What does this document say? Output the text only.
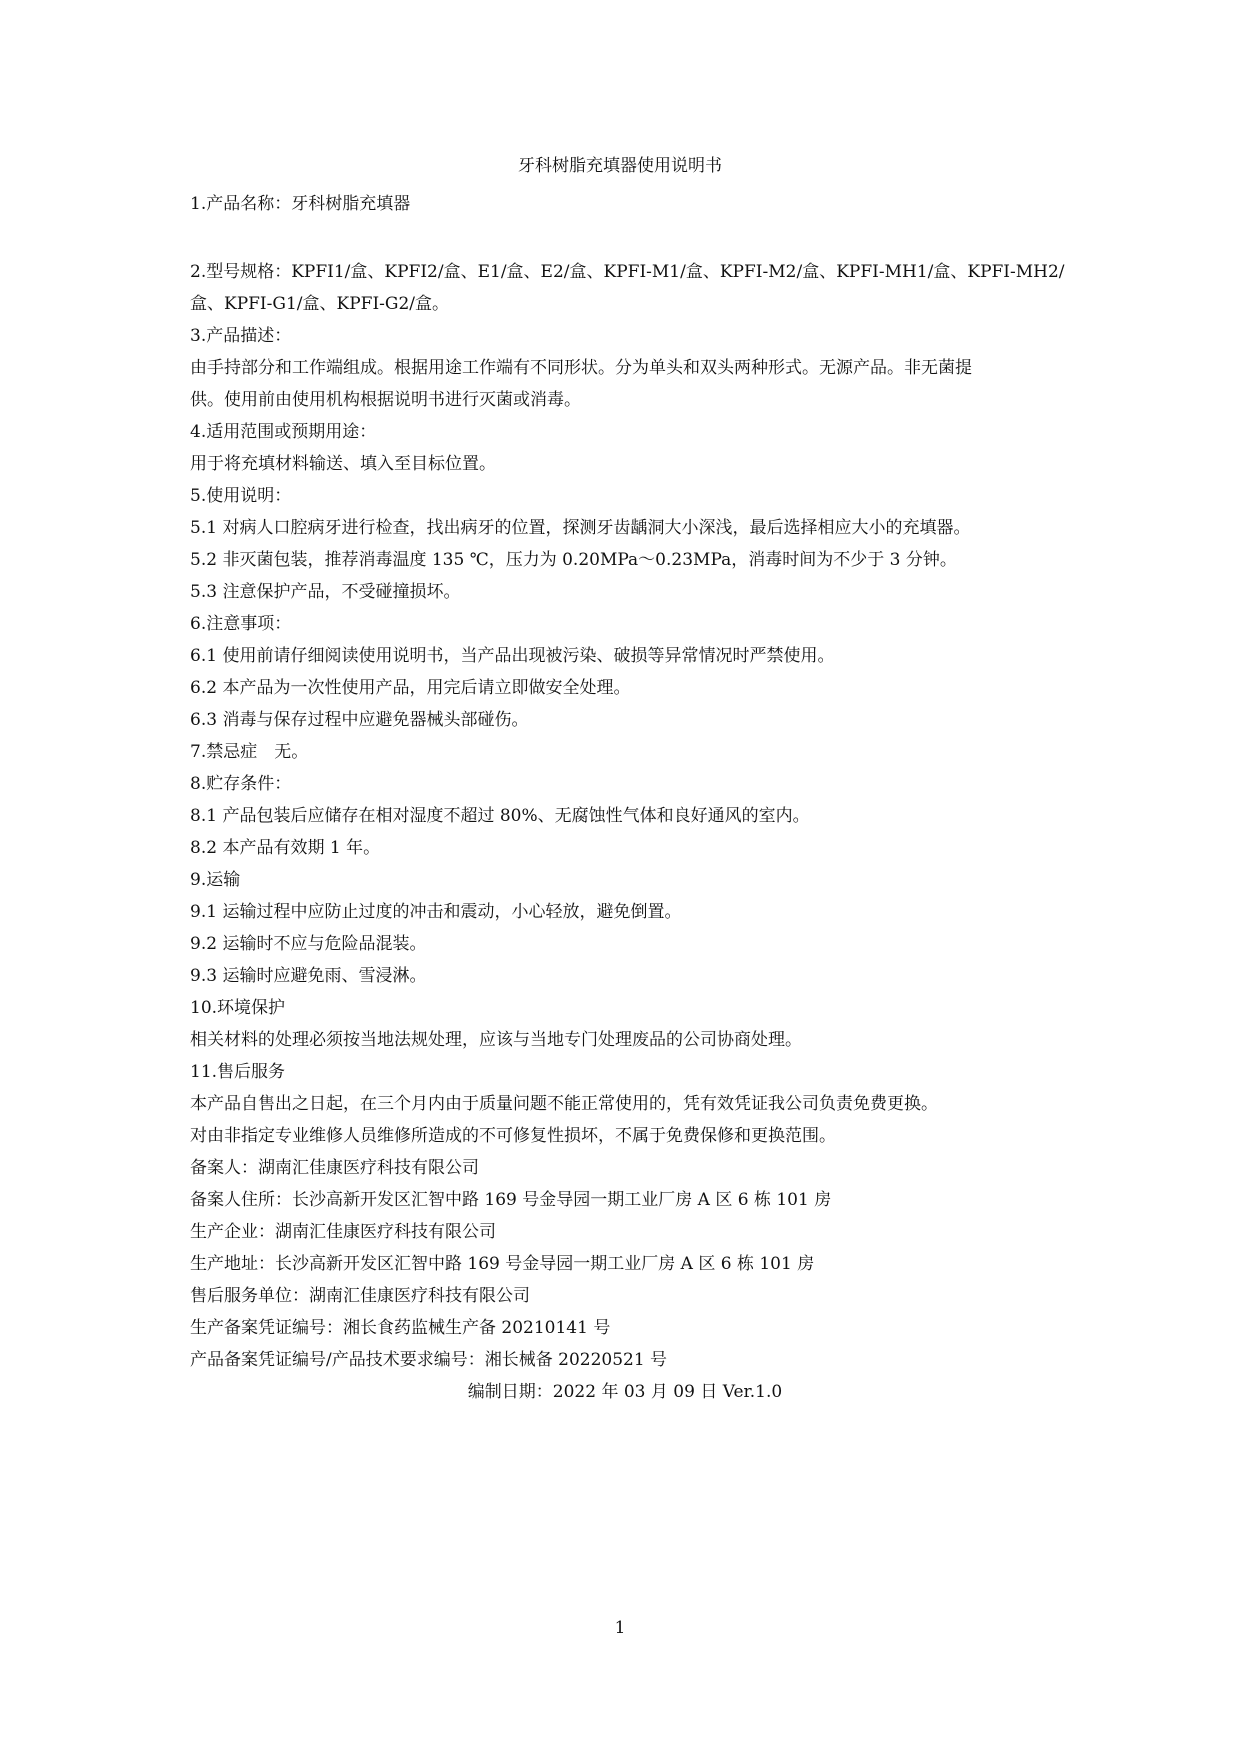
牙科树脂充填器使用说明书
1.产品名称：牙科树脂充填器
2.型号规格：KPFI1/盒、KPFI2/盒、E1/盒、E2/盒、KPFI-M1/盒、KPFI-M2/盒、KPFI-MH1/盒、KPFI-MH2/
盒、KPFI-G1/盒、KPFI-G2/盒。
3.产品描述：
由手持部分和工作端组成。根据用途工作端有不同形状。分为单头和双头两种形式。无源产品。非无菌提
供。使用前由使用机构根据说明书进行灭菌或消毒。
4.适用范围或预期用途：
用于将充填材料输送、填入至目标位置。
5.使用说明：
5.1 对病人口腔病牙进行检查，找出病牙的位置，探测牙齿龋洞大小深浅，最后选择相应大小的充填器。
5.2 非灭菌包装，推荐消毒温度 135 ℃，压力为 0.20MPa～0.23MPa，消毒时间为不少于 3 分钟。
5.3 注意保护产品，不受碰撞损坏。
6.注意事项：
6.1 使用前请仔细阅读使用说明书，当产品出现被污染、破损等异常情况时严禁使用。
6.2 本产品为一次性使用产品，用完后请立即做安全处理。
6.3 消毒与保存过程中应避免器械头部碰伤。
7.禁忌症　无。
8.贮存条件：
8.1 产品包装后应储存在相对湿度不超过 80%、无腐蚀性气体和良好通风的室内。
8.2 本产品有效期 1 年。
9.运输
9.1 运输过程中应防止过度的冲击和震动，小心轻放，避免倒置。
9.2 运输时不应与危险品混装。
9.3 运输时应避免雨、雪浸淋。
10.环境保护
相关材料的处理必须按当地法规处理，应该与当地专门处理废品的公司协商处理。
11.售后服务
本产品自售出之日起，在三个月内由于质量问题不能正常使用的，凭有效凭证我公司负责免费更换。
对由非指定专业维修人员维修所造成的不可修复性损坏，不属于免费保修和更换范围。
备案人：湖南汇佳康医疗科技有限公司
备案人住所：长沙高新开发区汇智中路 169 号金导园一期工业厂房 A 区 6 栋 101 房
生产企业：湖南汇佳康医疗科技有限公司
生产地址：长沙高新开发区汇智中路 169 号金导园一期工业厂房 A 区 6 栋 101 房
售后服务单位：湖南汇佳康医疗科技有限公司
生产备案凭证编号：湘长食药监械生产备 20210141 号
产品备案凭证编号/产品技术要求编号：湘长械备 20220521 号
编制日期：2022 年 03 月 09 日 Ver.1.0
1
